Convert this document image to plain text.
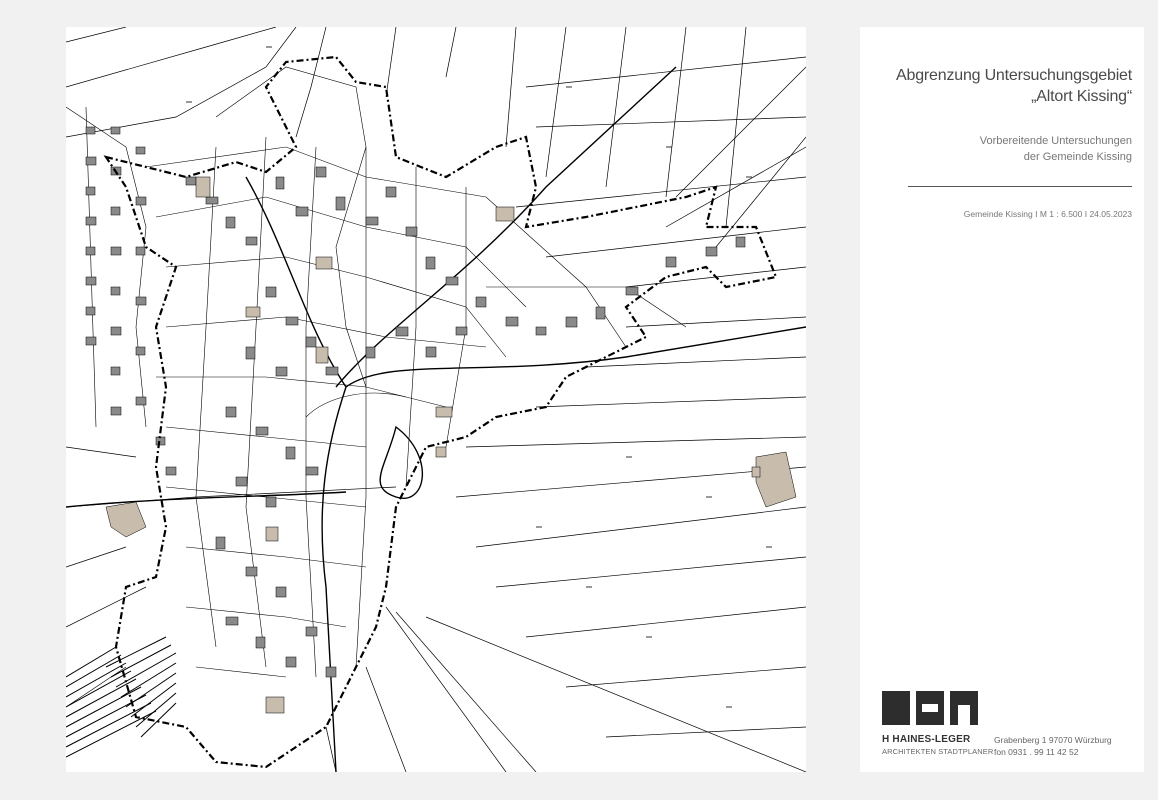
Abgrenzung Untersuchungsgebiet
„Altort Kissing“
Vorbereitende Untersuchungen
der Gemeinde Kissing
Gemeinde Kissing I M 1 : 6.500 I 24.05.2023
H HAINES-LEGER
ARCHITEKTEN STADTPLANER
Grabenberg 1 97070 Würzburg
fon 0931 . 99 11 42 52
